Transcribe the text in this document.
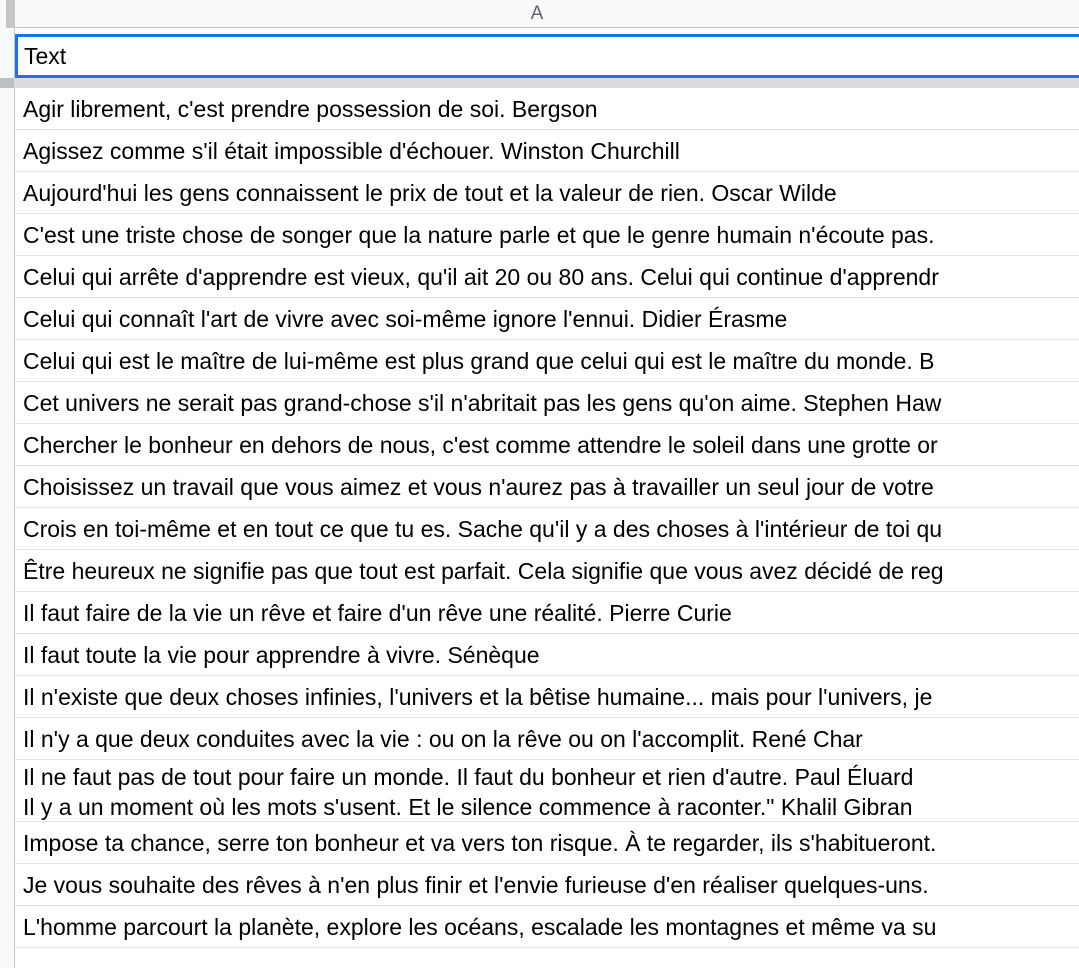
A
Text
Agir librement, c'est prendre possession de soi. Bergson
Agissez comme s'il était impossible d'échouer. Winston Churchill
Aujourd'hui les gens connaissent le prix de tout et la valeur de rien. Oscar Wilde
C'est une triste chose de songer que la nature parle et que le genre humain n'écoute pas.
Celui qui arrête d'apprendre est vieux, qu'il ait 20 ou 80 ans. Celui qui continue d'apprendr
Celui qui connaît l'art de vivre avec soi-même ignore l'ennui. Didier Érasme
Celui qui est le maître de lui-même est plus grand que celui qui est le maître du monde. B
Cet univers ne serait pas grand-chose s'il n'abritait pas les gens qu'on aime. Stephen Haw
Chercher le bonheur en dehors de nous, c'est comme attendre le soleil dans une grotte or
Choisissez un travail que vous aimez et vous n'aurez pas à travailler un seul jour de votre
Crois en toi-même et en tout ce que tu es. Sache qu'il y a des choses à l'intérieur de toi qu
Être heureux ne signifie pas que tout est parfait. Cela signifie que vous avez décidé de reg
Il faut faire de la vie un rêve et faire d'un rêve une réalité. Pierre Curie
Il faut toute la vie pour apprendre à vivre. Sénèque
Il n'existe que deux choses infinies, l'univers et la bêtise humaine... mais pour l'univers, je
Il n'y a que deux conduites avec la vie : ou on la rêve ou on l'accomplit. René Char
Il ne faut pas de tout pour faire un monde. Il faut du bonheur et rien d'autre. Paul Éluard
Il y a un moment où les mots s'usent. Et le silence commence à raconter." Khalil Gibran
Impose ta chance, serre ton bonheur et va vers ton risque. À te regarder, ils s'habitueront.
Je vous souhaite des rêves à n'en plus finir et l'envie furieuse d'en réaliser quelques-uns.
L'homme parcourt la planète, explore les océans, escalade les montagnes et même va su
